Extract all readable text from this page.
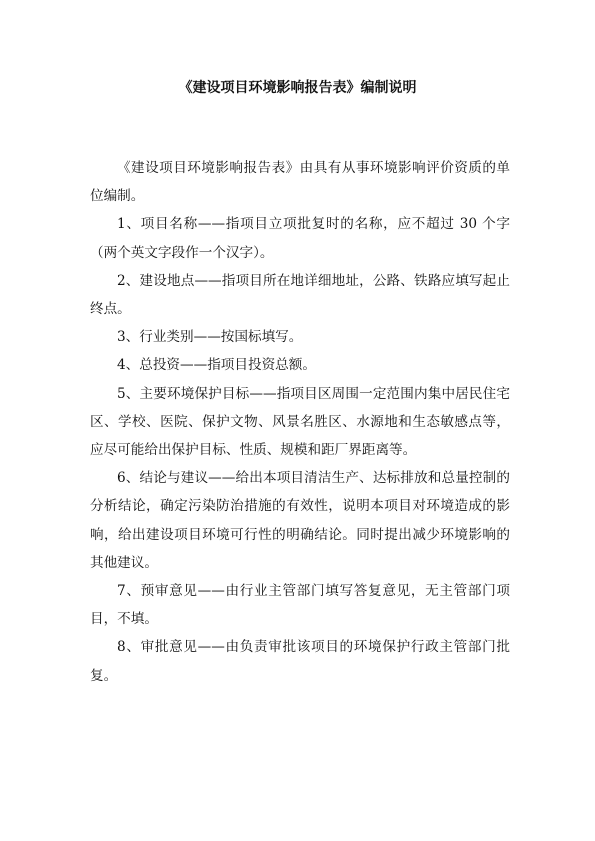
《建设项目环境影响报告表》编制说明

《建设项目环境影响报告表》由具有从事环境影响评价资质的单位编制。

1、项目名称——指项目立项批复时的名称，应不超过 30 个字（两个英文字段作一个汉字）。

2、建设地点——指项目所在地详细地址，公路、铁路应填写起止终点。

3、行业类别——按国标填写。

4、总投资——指项目投资总额。

5、主要环境保护目标——指项目区周围一定范围内集中居民住宅区、学校、医院、保护文物、风景名胜区、水源地和生态敏感点等，应尽可能给出保护目标、性质、规模和距厂界距离等。

6、结论与建议——给出本项目清洁生产、达标排放和总量控制的分析结论，确定污染防治措施的有效性，说明本项目对环境造成的影响，给出建设项目环境可行性的明确结论。同时提出减少环境影响的其他建议。

7、预审意见——由行业主管部门填写答复意见，无主管部门项目，不填。

8、审批意见——由负责审批该项目的环境保护行政主管部门批复。
